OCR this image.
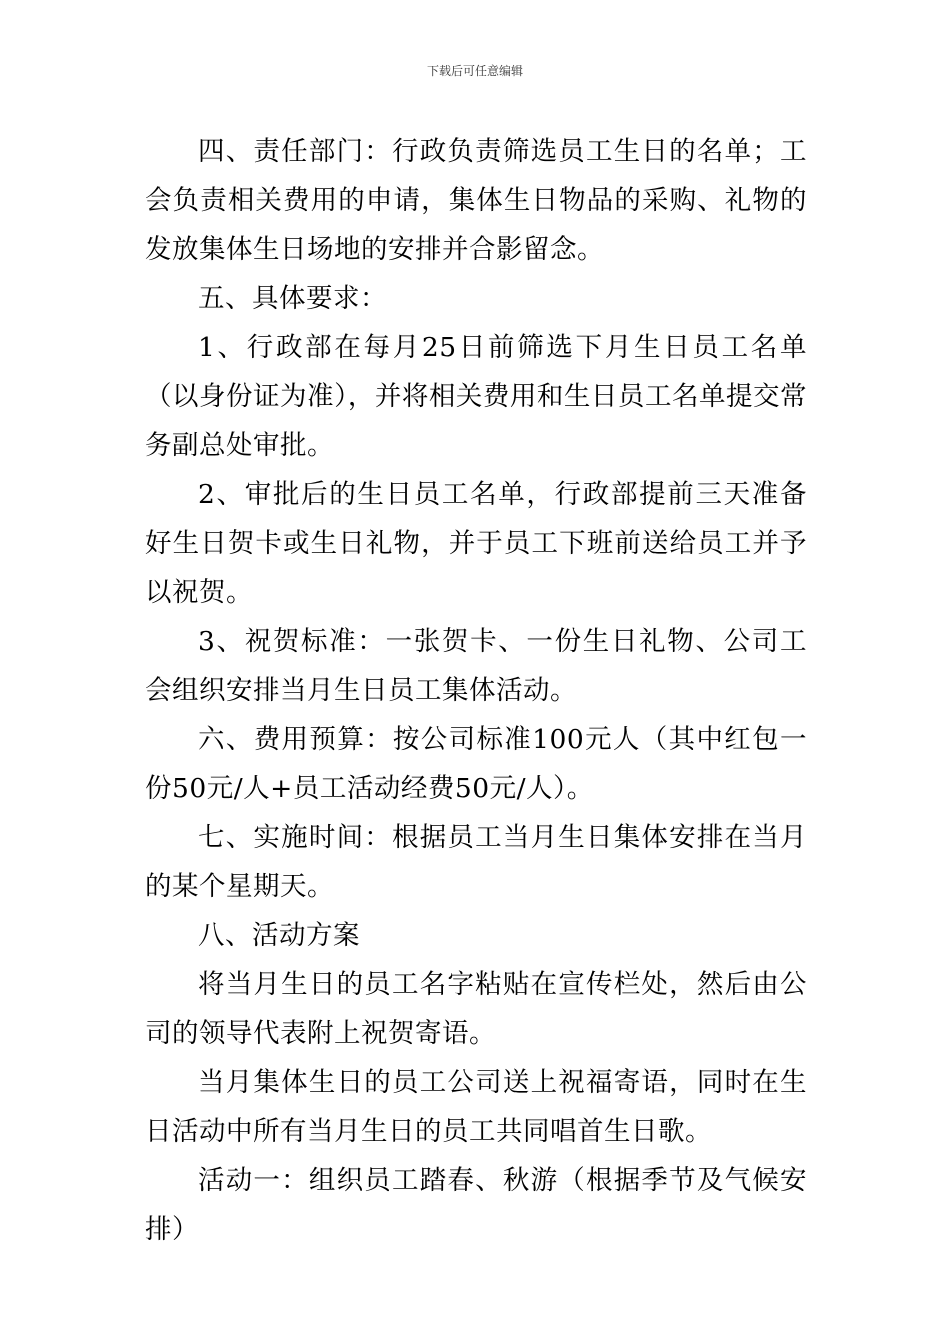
下载后可任意编辑

四、责任部门：行政负责筛选员工生日的名单；工会负责相关费用的申请，集体生日物品的采购、礼物的发放集体生日场地的安排并合影留念。

五、具体要求：

1、行政部在每月25日前筛选下月生日员工名单（以身份证为准），并将相关费用和生日员工名单提交常务副总处审批。

2、审批后的生日员工名单，行政部提前三天准备好生日贺卡或生日礼物，并于员工下班前送给员工并予以祝贺。

3、祝贺标准：一张贺卡、一份生日礼物、公司工会组织安排当月生日员工集体活动。

六、费用预算：按公司标准100元人（其中红包一份50元/人+员工活动经费50元/人）。

七、实施时间：根据员工当月生日集体安排在当月的某个星期天。

八、活动方案

将当月生日的员工名字粘贴在宣传栏处，然后由公司的领导代表附上祝贺寄语。

当月集体生日的员工公司送上祝福寄语，同时在生日活动中所有当月生日的员工共同唱首生日歌。

活动一：组织员工踏春、秋游（根据季节及气候安排）
